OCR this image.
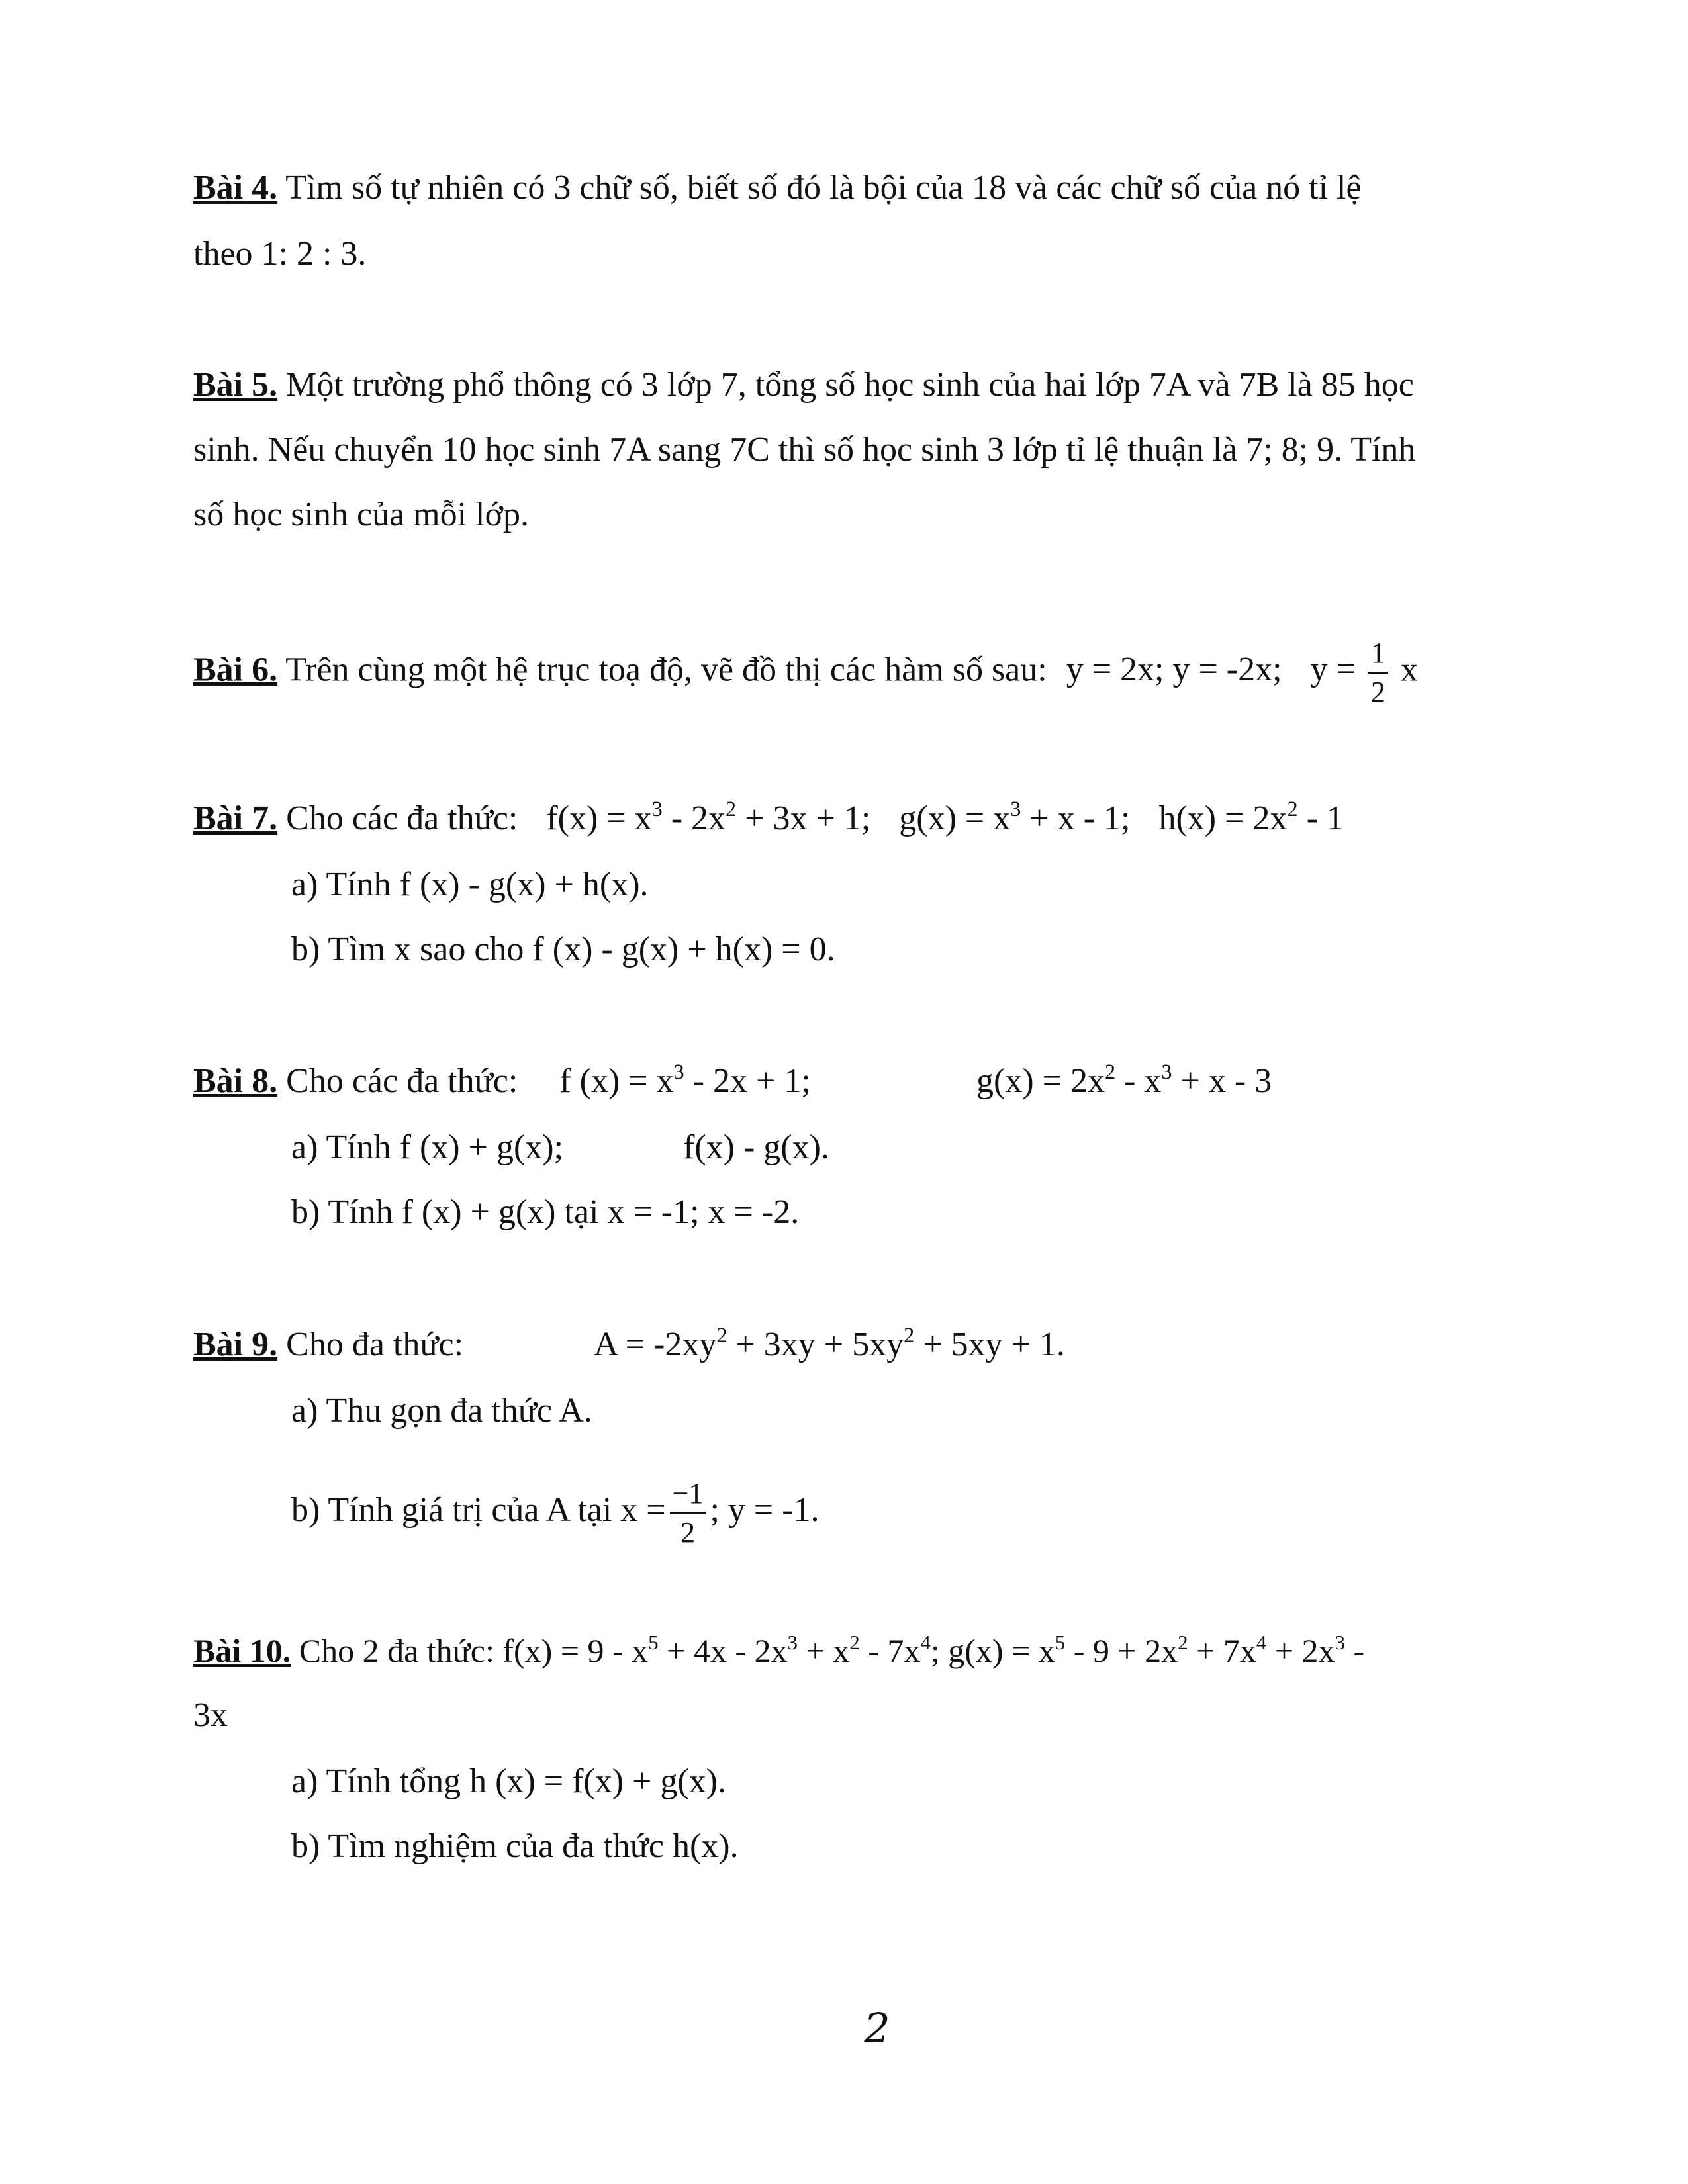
Bài 4. Tìm số tự nhiên có 3 chữ số, biết số đó là bội của 18 và các chữ số của nó tỉ lệ
theo 1: 2 : 3.
Bài 5. Một trường phổ thông có 3 lớp 7, tổng số học sinh của hai lớp 7A và 7B là 85 học
sinh. Nếu chuyển 10 học sinh 7A sang 7C thì số học sinh 3 lớp tỉ lệ thuận là 7; 8; 9. Tính
số học sinh của mỗi lớp.
Bài 6. Trên cùng một hệ trục toạ độ, vẽ đồ thị các hàm số sau: y = 2x; y = -2x; $y = \frac{1}{2}$ x
Bài 7. Cho các đa thức: $f(x) = x^3 - 2x^2 + 3x + 1$; $g(x) = x^3 + x - 1$; $h(x) = 2x^2 - 1$
a) Tính f (x) - g(x) + h(x).
b) Tìm x sao cho f (x) - g(x) + h(x) = 0.
Bài 8. Cho các đa thức: f $(x) = x^3 - 2x + 1$;	$g(x) = 2x^2 - x^3 + x - 3$
a) Tính f (x) + g(x);	f(x) - g(x).
b) Tính f (x) + g(x) tại x = -1; x = -2.
Bài 9. Cho đa thức:	$A = -2xy^2 + 3xy + 5xy^2 + 5xy + 1$.
a) Thu gọn đa thức A.
b) Tính giá trị của A tại $x = \frac{-1}{2}$ ; y = -1.
Bài 10. Cho 2 đa thức: $f(x) = 9 - x^5 + 4x - 2x^3 + x^2 - 7x^4$; $g(x) = x^5 - 9 + 2x^2 + 7x^4 + 2x^3$ -
3x
a) Tính tổng h (x) = f(x) + g(x).
b) Tìm nghiệm của đa thức h(x).
2
